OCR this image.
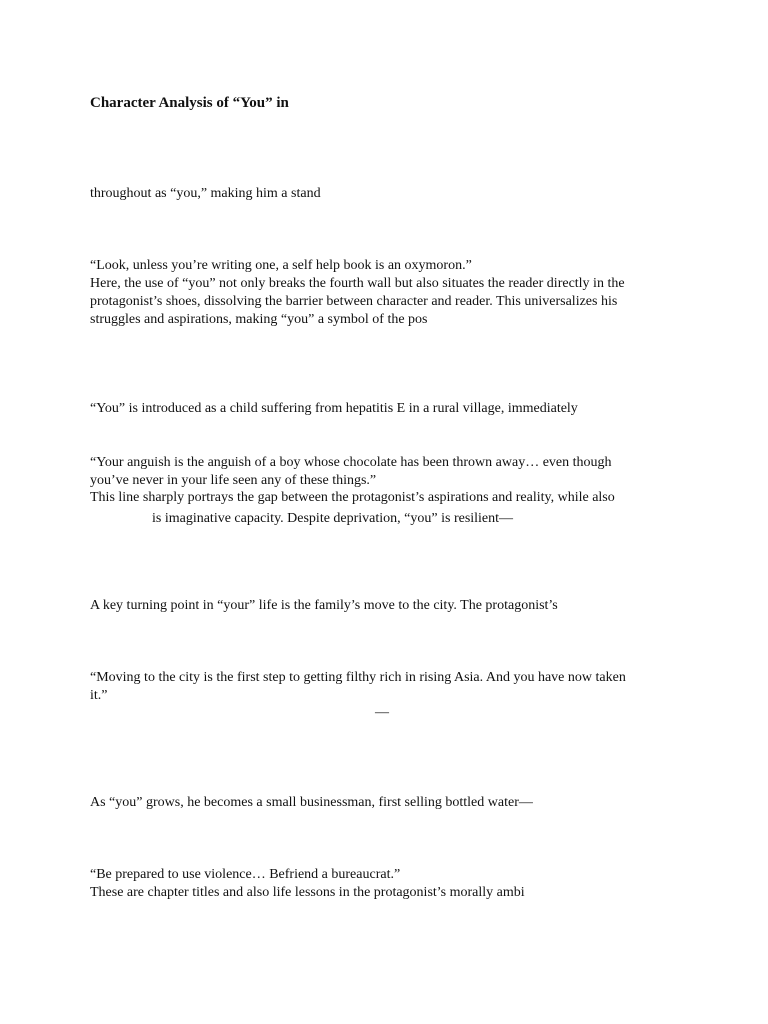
Character Analysis of “You” in

throughout as “you,” making him a stand

“Look, unless you’re writing one, a self help book is an oxymoron.”

Here, the use of “you” not only breaks the fourth wall but also situates the reader directly in the

protagonist’s shoes, dissolving the barrier between character and reader. This universalizes his

struggles and aspirations, making “you” a symbol of the pos

“You” is introduced as a child suffering from hepatitis E in a rural village, immediately

“Your anguish is the anguish of a boy whose chocolate has been thrown away… even though

you’ve never in your life seen any of these things.”

This line sharply portrays the gap between the protagonist’s aspirations and reality, while also

is imaginative capacity. Despite deprivation, “you” is resilient—

A key turning point in “your” life is the family’s move to the city. The protagonist’s

“Moving to the city is the first step to getting filthy rich in rising Asia. And you have now taken

it.”

—

As “you” grows, he becomes a small businessman, first selling bottled water—

“Be prepared to use violence… Befriend a bureaucrat.”

These are chapter titles and also life lessons in the protagonist’s morally ambi
